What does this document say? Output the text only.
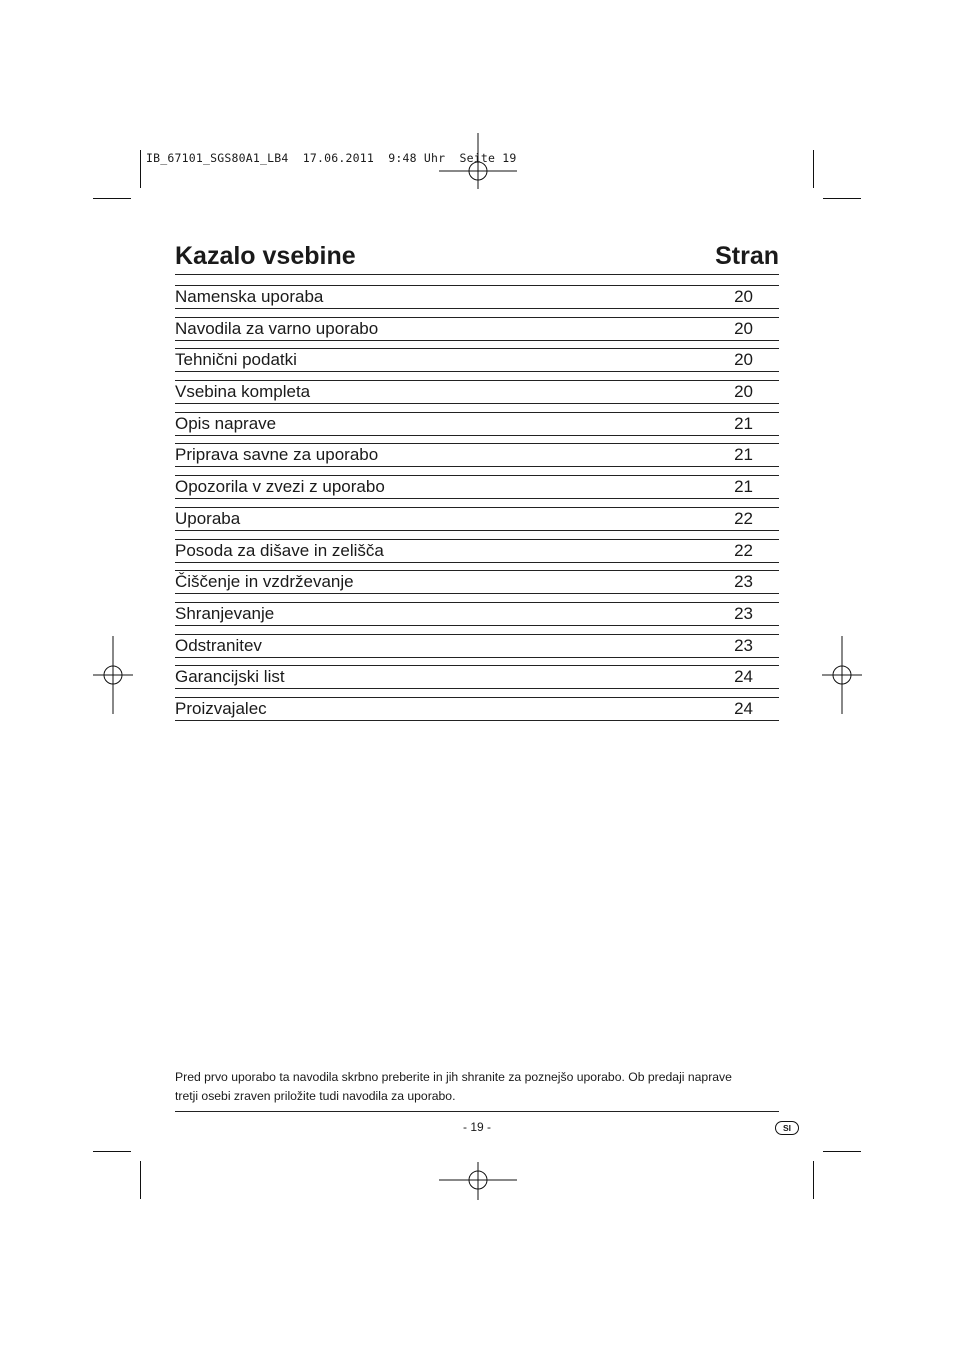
IB_67101_SGS80A1_LB4 17.06.2011 9:48 Uhr Seite 19
Kazalo vsebine	Stran
Namenska uporaba	20
Navodila za varno uporabo	20
Tehnični podatki	20
Vsebina kompleta	20
Opis naprave	21
Priprava savne za uporabo	21
Opozorila v zvezi z uporabo	21
Uporaba	22
Posoda za dišave in zelišča	22
Čiščenje in vzdrževanje	23
Shranjevanje	23
Odstranitev	23
Garancijski list	24
Proizvajalec	24
Pred prvo uporabo ta navodila skrbno preberite in jih shranite za poznejšo uporabo. Ob predaji naprave
tretji osebi zraven priložite tudi navodila za uporabo.
- 19 -	SI
